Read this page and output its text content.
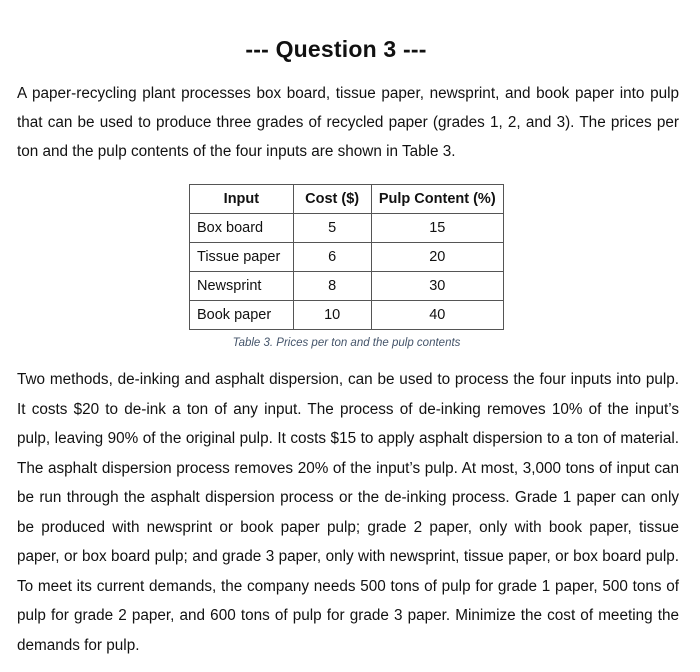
--- Question 3 ---
A paper-recycling plant processes box board, tissue paper, newsprint, and book paper into pulp that can be used to produce three grades of recycled paper (grades 1, 2, and 3). The prices per ton and the pulp contents of the four inputs are shown in Table 3.
Input	Cost ($)	Pulp Content (%)
Box board	5	15
Tissue paper	6	20
Newsprint	8	30
Book paper	10	40
Table 3. Prices per ton and the pulp contents
Two methods, de-inking and asphalt dispersion, can be used to process the four inputs into pulp. It costs $20 to de-ink a ton of any input. The process of de-inking removes 10% of the input’s pulp, leaving 90% of the original pulp. It costs $15 to apply asphalt dispersion to a ton of material. The asphalt dispersion process removes 20% of the input’s pulp. At most, 3,000 tons of input can be run through the asphalt dispersion process or the de-inking process. Grade 1 paper can only be produced with newsprint or book paper pulp; grade 2 paper, only with book paper, tissue paper, or box board pulp; and grade 3 paper, only with newsprint, tissue paper, or box board pulp. To meet its current demands, the company needs 500 tons of pulp for grade 1 paper, 500 tons of pulp for grade 2 paper, and 600 tons of pulp for grade 3 paper. Minimize the cost of meeting the demands for pulp.
